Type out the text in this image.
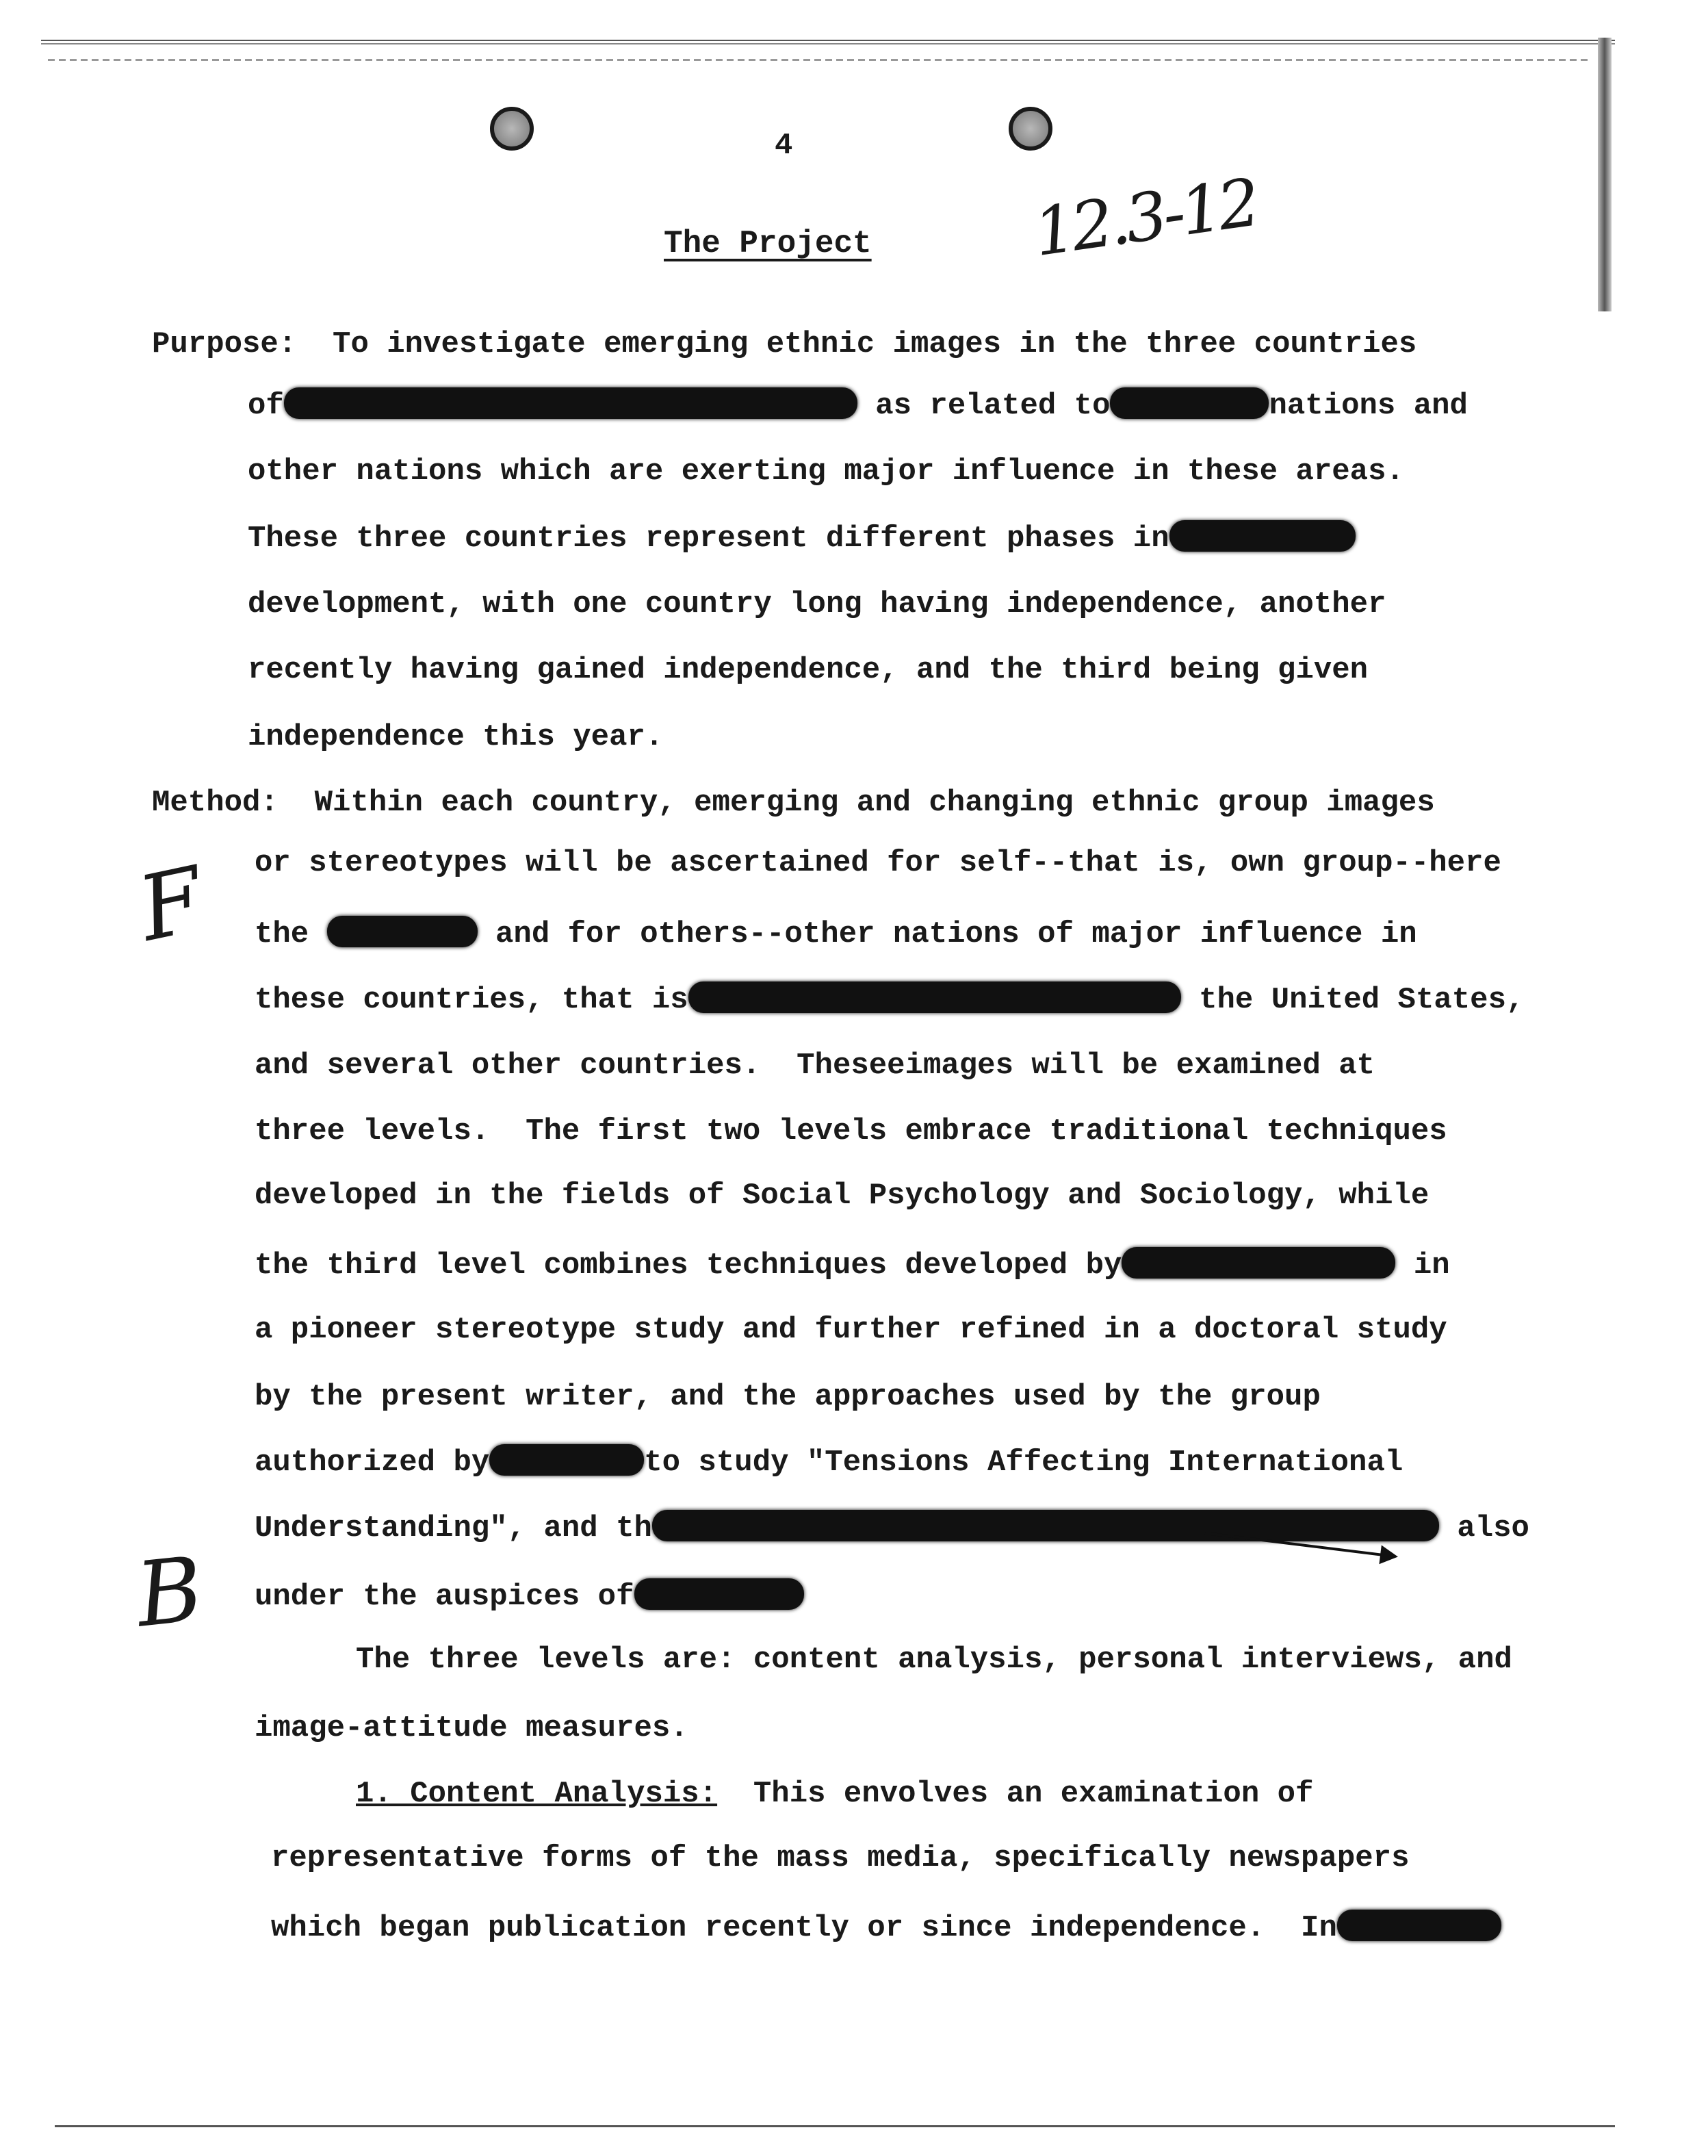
4
12.3-12
The Project
Purpose: To investigate emerging ethnic images in the three countries
of	as related to	nations and
other nations which are exerting major influence in these areas.
These three countries represent different phases in
development, with one country long having independence, another
recently having gained independence, and the third being given
independence this year.
Method: Within each country, emerging and changing ethnic group images
or stereotypes will be ascertained for self--that is, own group--here
the	and for others--other nations of major influence in
these countries, that is	the United States,
and several other countries.  Theseeimages will be examined at
three levels.  The first two levels embrace traditional techniques
developed in the fields of Social Psychology and Sociology, while
the third level combines techniques developed by	in
a pioneer stereotype study and further refined in a doctoral study
by the present writer, and the approaches used by the group
authorized by	to study "Tensions Affecting International
Understanding", and th	also
under the auspices of
The three levels are: content analysis, personal interviews, and
image-attitude measures.
1. Content Analysis: This envolves an examination of
representative forms of the mass media, specifically newspapers
which began publication recently or since independence.  In
F
B
